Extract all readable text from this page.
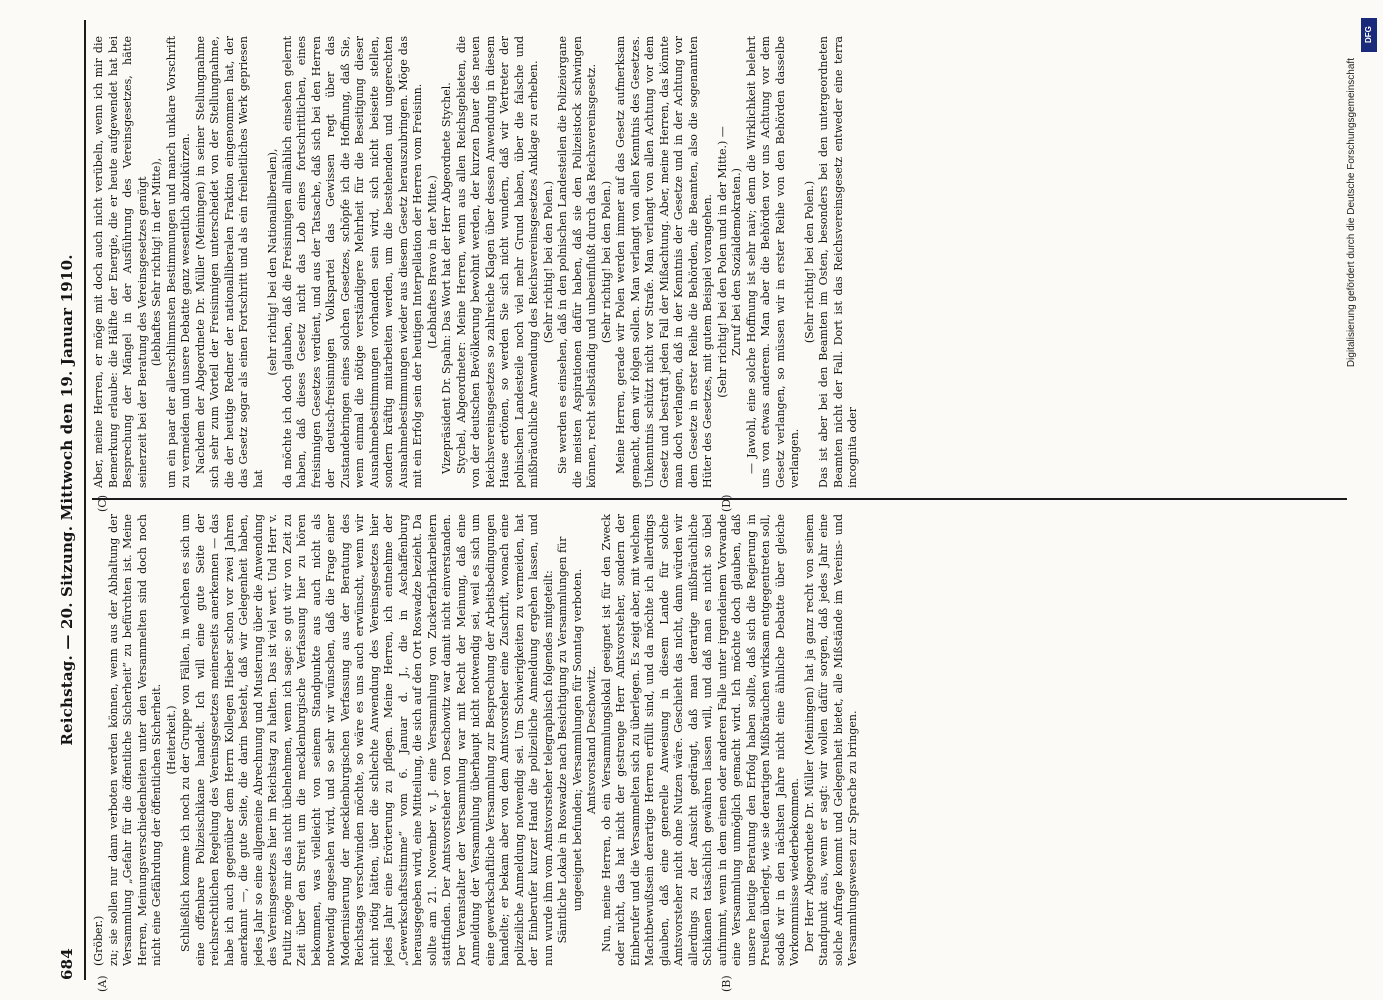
684
Reichstag. — 20. Sitzung. Mittwoch den 19. Januar 1910.
(A)	(B)
(C)	(D)

(Gröber.) zu; sie sollen nur dann verboten werden können, wenn aus der Abhaltung der Versammlung „Gefahr für die öffentliche Sicherheit“ zu befürchten ist. Meine Herren, Meinungsverschiedenheiten unter den Versammelten sind doch noch nicht eine Gefährdung der öffentlichen Sicherheit. (Heiterkeit.) Schließlich komme ich noch zu der Gruppe von Fällen, in welchen es sich um eine offenbare Polizeischikane handelt. Ich will eine gute Seite der reichsrechtlichen Regelung des Vereinsgesetzes meinerseits anerkennen — das habe ich auch gegenüber dem Herrn Kollegen Hieber schon vor zwei Jahren anerkannt —, die gute Seite, die darin besteht, daß wir Gelegenheit haben, jedes Jahr so eine allgemeine Abrechnung und Musterung über die Anwendung des Vereinsgesetzes hier im Reichstag zu halten. Das ist viel wert. Und Herr v. Putlitz möge mir das nicht übelnehmen, wenn ich sage: so gut wir von Zeit zu Zeit über den Streit um die mecklenburgische Verfassung hier zu hören bekommen, was vielleicht von seinem Standpunkte aus auch nicht als notwendig angesehen wird, und so sehr wir wünschen, daß die Frage einer Modernisierung der mecklenburgischen Verfassung aus der Beratung des Reichstags verschwinden möchte, so wäre es uns auch erwünscht, wenn wir nicht nötig hätten, über die schlechte Anwendung des Vereinsgesetzes hier jedes Jahr eine Erörterung zu pflegen. Meine Herren, ich entnehme der „Gewerkschaftsstimme“ vom 6. Januar d. J., die in Aschaffenburg herausgegeben wird, eine Mitteilung, die sich auf den Ort Roswadze bezieht. Da sollte am 21. November v. J. eine Versammlung von Zuckerfabrikarbeitern stattfinden. Der Amtsvorsteher von Deschowitz war damit nicht einverstanden. Der Veranstalter der Versammlung war mit Recht der Meinung, daß eine Anmeldung der Versammlung überhaupt nicht notwendig sei, weil es sich um eine gewerkschaftliche Versammlung zur Besprechung der Arbeitsbedingungen handelte; er bekam aber von dem Amtsvorsteher eine Zuschrift, wonach eine polizeiliche Anmeldung notwendig sei. Um Schwierigkeiten zu vermeiden, hat der Einberufer kurzer Hand die polizeiliche Anmeldung ergehen lassen, und nun wurde ihm vom Amtsvorsteher telegraphisch folgendes mitgeteilt: Sämtliche Lokale in Roswadze nach Besichtigung zu Versammlungen für ungeeignet befunden; Versammlungen für Sonntag verboten. Amtsvorstand Deschowitz. Nun, meine Herren, ob ein Versammlungslokal geeignet ist für den Zweck oder nicht, das hat nicht der gestrenge Herr Amtsvorsteher, sondern der Einberufer und die Versammelten sich zu überlegen. Es zeigt aber, mit welchem Machtbewußtsein derartige Herren erfüllt sind, und da möchte ich allerdings glauben, daß eine generelle Anweisung in diesem Lande für solche Amtsvorsteher nicht ohne Nutzen wäre. Geschieht das nicht, dann würden wir allerdings zu der Ansicht gedrängt, daß man derartige mißbräuchliche Schikanen tatsächlich gewähren lassen will, und daß man es nicht so übel aufnimmt, wenn in dem einen oder anderen Falle unter irgendeinem Vorwande eine Versammlung unmöglich gemacht wird. Ich möchte doch glauben, daß unsere heutige Beratung den Erfolg haben sollte, daß sich die Regierung in Preußen überlegt, wie sie derartigen Mißbräuchen wirksam entgegentreten soll, sodaß wir in den nächsten Jahre nicht eine ähnliche Debatte über gleiche Vorkommnisse wiederbekommen. Der Herr Abgeordnete Dr. Müller (Meiningen) hat ja ganz recht von seinem Standpunkt aus, wenn er sagt: wir wollen dafür sorgen, daß jedes Jahr eine solche Anfrage kommt und Gelegenheit bietet, alle Mißstände im Vereins- und Versammlungswesen zur Sprache zu bringen.

Aber, meine Herren, er möge mit doch auch nicht verübeln, wenn ich mir die Bemerkung erlaube: die Hälfte der Energie, die er heute aufgewendet hat bei Besprechung der Mängel in der Ausführung des Vereinsgesetzes, hätte seinerzeit bei der Beratung des Vereinsgesetzes genügt (lebhaftes Sehr richtig! in der Mitte), um ein paar der allerschlimmsten Bestimmungen und manch unklare Vorschrift zu vermeiden und unsere Debatte ganz wesentlich abzukürzen. Nachdem der Abgeordnete Dr. Müller (Meiningen) in seiner Stellungnahme sich sehr zum Vorteil der Freisinnigen unterscheidet von der Stellungnahme, die der heutige Redner der nationalliberalen Fraktion eingenommen hat, der das Gesetz sogar als einen Fortschritt und als ein freiheitliches Werk gepriesen hat

(sehr richtig! bei den Nationalliberalen), da möchte ich doch glauben, daß die Freisinnigen allmählich einsehen gelernt haben, daß dieses Gesetz nicht das Lob eines fortschrittlichen, eines freisinnigen Gesetzes verdient, und aus der Tatsache, daß sich bei den Herren der deutsch-freisinnigen Volkspartei das Gewissen regt über das Zustandebringen eines solchen Gesetzes, schöpfe ich die Hoffnung, daß Sie, wenn einmal die nötige verständigere Mehrheit für die Beseitigung dieser Ausnahmebestimmungen vorhanden sein wird, sich nicht beiseite stellen, sondern kräftig mitarbeiten werden, um die bestehenden und ungerechten Ausnahmebestimmungen wieder aus diesem Gesetz herauszubringen. Möge das mit ein Erfolg sein der heutigen Interpellation der Herren vom Freisinn. (Lebhaftes Bravo in der Mitte.) Vizepräsident Dr. Spahn: Das Wort hat der Herr Abgeordnete Stychel. Stychel, Abgeordneter: Meine Herren, wenn aus allen Reichsgebieten, die von der deutschen Bevölkerung bewohnt werden, der kurzen Dauer des neuen Reichsvereinsgesetzes so zahlreiche Klagen über dessen Anwendung in diesem Hause ertönen, so werden Sie sich nicht wundern, daß wir Vertreter der polnischen Landesteile noch viel mehr Grund haben, über die falsche und mißbräuchliche Anwendung des Reichsvereinsgesetzes Anklage zu erheben. (Sehr richtig! bei den Polen.) Sie werden es einsehen, daß in den polnischen Landesteilen die Polizeiorgane die meisten Aspirationen dafür haben, daß sie den Polizeistock schwingen können, recht selbständig und unbeeinflußt durch das Reichsvereinsgesetz. (Sehr richtig! bei den Polen.) Meine Herren, gerade wir Polen werden immer auf das Gesetz aufmerksam gemacht, dem wir folgen sollen. Man verlangt von allen Kenntnis des Gesetzes. Unkenntnis schützt nicht vor Strafe. Man verlangt von allen Achtung vor dem Gesetz und bestraft jeden Fall der Mißachtung. Aber, meine Herren, das könnte man doch verlangen, daß in der Kenntnis der Gesetze und in der Achtung vor dem Gesetze in erster Reihe die Behörden, die Beamten, also die sogenannten Hüter des Gesetzes, mit gutem Beispiel vorangehen. (Sehr richtig! bei den Polen und in der Mitte.) — Zuruf bei den Sozialdemokraten.) — Jawohl, eine solche Hoffnung ist sehr naiv; denn die Wirklichkeit belehrt uns von etwas anderem. Man aber die Behörden vor uns Achtung vor dem Gesetz verlangen, so müssen wir in erster Reihe von den Behörden dasselbe verlangen.

(Sehr richtig! bei den Polen.) Das ist aber bei den Beamten im Osten, besonders bei den untergeordneten Beamten nicht der Fall. Dort ist das Reichsvereinsgesetz entweder eine terra incognita oder

DFG
Digitalisierung gefördert durch die Deutsche Forschungsgemeinschaft
